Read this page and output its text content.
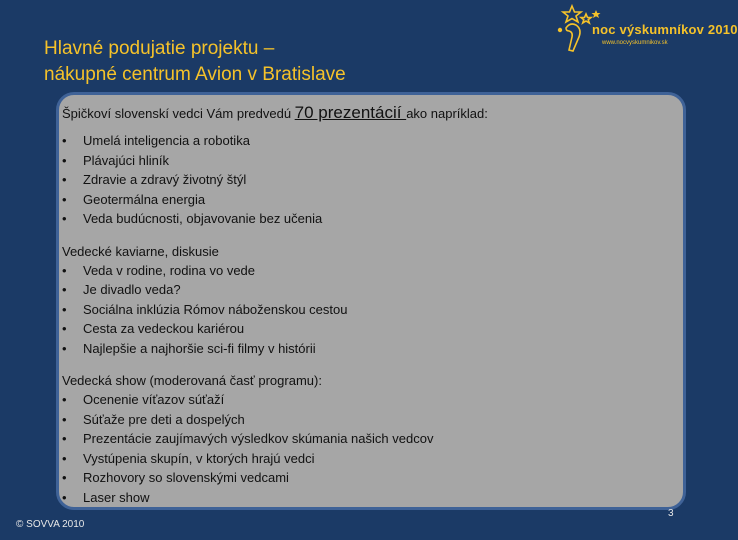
Hlavné podujatie projektu –
nákupné centrum Avion v Bratislave
noc výskumníkov 2010
www.nocvyskumnikov.sk

Špičkoví slovenskí vedci Vám predvedú 70 prezentácií ako napríklad:

• Umelá inteligencia a robotika
• Plávajúci hliník
• Zdravie a zdravý životný štýl
• Geotermálna energia
• Veda budúcnosti, objavovanie bez učenia

Vedecké kaviarne, diskusie

• Veda v rodine, rodina vo vede
• Je divadlo veda?
• Sociálna inklúzia Rómov náboženskou cestou
• Cesta za vedeckou kariérou
• Najlepšie a najhoršie sci-fi filmy v histórii

Vedecká show (moderovaná časť programu):

• Ocenenie víťazov súťaží
• Súťaže pre deti a dospelých
• Prezentácie zaujímavých výsledkov skúmania našich vedcov
• Vystúpenia skupín, v ktorých hrajú vedci
• Rozhovory so slovenskými vedcami
• Laser show
© SOVVA 2010
3
